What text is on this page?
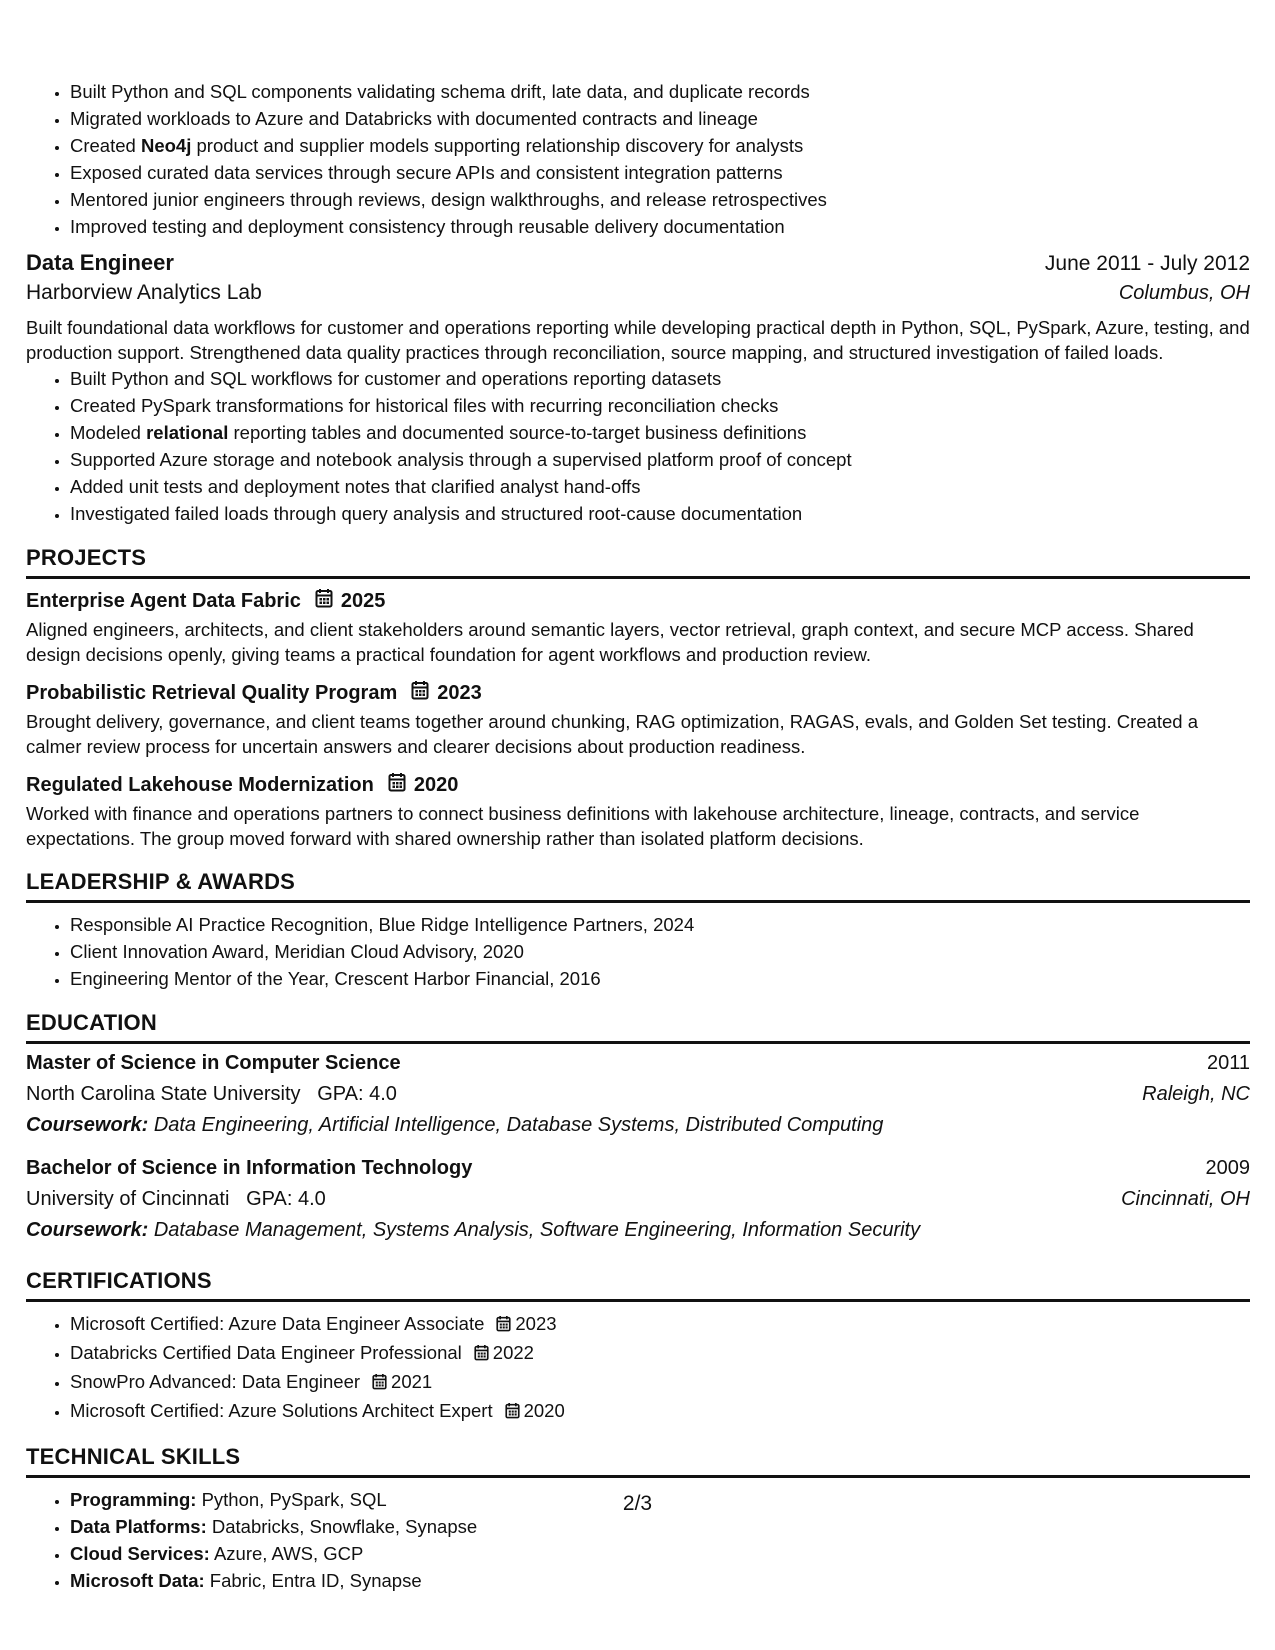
• Built Python and SQL components validating schema drift, late data, and duplicate records
• Migrated workloads to Azure and Databricks with documented contracts and lineage
• Created Neo4j product and supplier models supporting relationship discovery for analysts
• Exposed curated data services through secure APIs and consistent integration patterns
• Mentored junior engineers through reviews, design walkthroughs, and release retrospectives
• Improved testing and deployment consistency through reusable delivery documentation
Data Engineer	June 2011 - July 2012
Harborview Analytics Lab	Columbus, OH

Built foundational data workflows for customer and operations reporting while developing practical depth in Python, SQL, PySpark, Azure, testing, and production support. Strengthened data quality practices through reconciliation, source mapping, and structured investigation of failed loads.

• Built Python and SQL workflows for customer and operations reporting datasets
• Created PySpark transformations for historical files with recurring reconciliation checks
• Modeled relational reporting tables and documented source-to-target business definitions
• Supported Azure storage and notebook analysis through a supervised platform proof of concept
• Added unit tests and deployment notes that clarified analyst hand-offs
• Investigated failed loads through query analysis and structured root-cause documentation
PROJECTS
Enterprise Agent Data Fabric 2025

Aligned engineers, architects, and client stakeholders around semantic layers, vector retrieval, graph context, and secure MCP access. Shared design decisions openly, giving teams a practical foundation for agent workflows and production review.

Probabilistic Retrieval Quality Program 2023

Brought delivery, governance, and client teams together around chunking, RAG optimization, RAGAS, evals, and Golden Set testing. Created a calmer review process for uncertain answers and clearer decisions about production readiness.

Regulated Lakehouse Modernization 2020

Worked with finance and operations partners to connect business definitions with lakehouse architecture, lineage, contracts, and service expectations. The group moved forward with shared ownership rather than isolated platform decisions.

LEADERSHIP & AWARDS
• Responsible AI Practice Recognition, Blue Ridge Intelligence Partners, 2024
• Client Innovation Award, Meridian Cloud Advisory, 2020
• Engineering Mentor of the Year, Crescent Harbor Financial, 2016
EDUCATION
Master of Science in Computer Science	2011
North Carolina State University GPA: 4.0	Raleigh, NC
Coursework: Data Engineering, Artificial Intelligence, Database Systems, Distributed Computing
Bachelor of Science in Information Technology	2009
University of Cincinnati GPA: 4.0	Cincinnati, OH
Coursework: Database Management, Systems Analysis, Software Engineering, Information Security
CERTIFICATIONS
• Microsoft Certified: Azure Data Engineer Associate 2023
• Databricks Certified Data Engineer Professional 2022
• SnowPro Advanced: Data Engineer 2021
• Microsoft Certified: Azure Solutions Architect Expert 2020
TECHNICAL SKILLS
• Programming: Python, PySpark, SQL
• Data Platforms: Databricks, Snowflake, Synapse
• Cloud Services: Azure, AWS, GCP
• Microsoft Data: Fabric, Entra ID, Synapse
2/3
